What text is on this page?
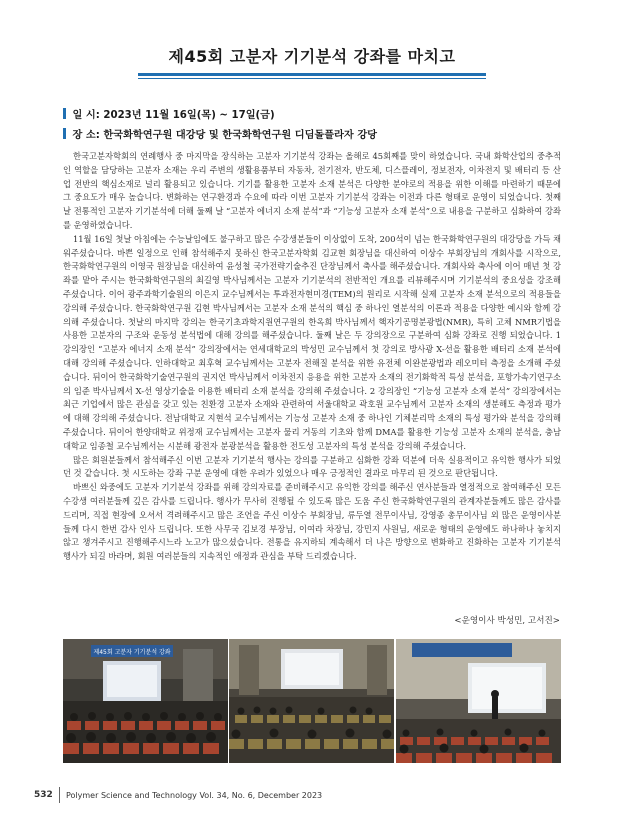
제45회 고분자 기기분석 강좌를 마치고
일 시: 2023년 11월 16일(목) ~ 17일(금)
장 소: 한국화학연구원 대강당 및 한국화학연구원 디딤돌플라자 강당

한국고분자학회의 연례행사 중 마지막을 장식하는 고분자 기기분석 강좌는 올해로 45회째를 맞이 하였습니다. 국내 화학산업의 중추적인 역할을 담당하는 고분자 소재는 우리 주변의 생활용품부터 자동차, 전기전자, 반도체, 디스플레이, 정보전자, 이차전지 및 배터리 등 산업 전반의 핵심소재로 널리 활용되고 있습니다. 기기를 활용한 고분자 소재 분석은 다양한 분야로의 적용을 위한 이해를 마련하기 때문에 그 중요도가 매우 높습니다. 변화하는 연구환경과 수요에 따라 이번 고분자 기기분석 강좌는 이전과 다른 형태로 운영이 되었습니다. 첫째날 전통적인 고분자 기기분석에 더해 둘째 날 “고분자 에너지 소재 분석”과 “기능성 고분자 소재 분석”으로 내용을 구분하고 심화하여 강좌를 운영하였습니다.

11월 16일 첫날 아침에는 수능날임에도 불구하고 많은 수강생분들이 이상없이 도착, 200석이 넘는 한국화학연구원의 대강당을 가득 채워주셨습니다. 바쁜 일정으로 인해 참석해주지 못하신 한국고분자학회 김교현 회장님을 대신하여 이상수 부회장님의 개회사를 시작으로, 한국화학연구원의 이영국 원장님을 대신하여 윤성철 국가전략기술추진 단장님께서 축사를 해주셨습니다. 개회사와 축사에 이어 매년 첫 강좌를 맡아 주시는 한국화학연구원의 최길영 박사님께서는 고분자 기기분석의 전반적인 개요를 리뷰해주시며 기기분석의 중요성을 강조해 주셨습니다. 이어 광주과학기술원의 이은지 교수님께서는 투과전자현미경(TEM)의 원리로 시작해 실제 고분자 소재 분석으로의 적용들을 강의해 주셨습니다. 한국화학연구원 김현 박사님께서는 고분자 소재 분석의 핵심 중 하나인 열분석의 이론과 적용을 다양한 예시와 함께 강의해 주셨습니다. 첫날의 마지막 강의는 한국기초과학지원연구원의 한옥희 박사님께서 핵자기공명분광법(NMR), 특히 고체 NMR기법을 사용한 고분자의 구조와 운동성 분석법에 대해 강의를 해주셨습니다. 둘째 날은 두 강의장으로 구분하여 심화 강좌로 진행 되었습니다. 1 강의장인 “고분자 에너지 소재 분석” 강의장에서는 연세대학교의 박성민 교수님께서 첫 강의로 방사광 X-선을 활용한 배터리 소재 분석에 대해 강의해 주셨습니다. 인하대학교 최후혁 교수님께서는 고분자 전해질 분석을 위한 유전체 이완분광법과 레오미터 측정을 소개해 주셨습니다. 뒤이어 한국화학기술연구원의 권지언 박사님께서 이차전지 응용을 위한 고분자 소재의 전기화학적 특성 분석을, 포항가속기연구소의 임준 박사님께서 X-선 영상기술을 이용한 배터리 소재 분석을 강의해 주셨습니다. 2 강의장인 “기능성 고분자 소재 분석” 강의장에서는 최근 기업에서 많은 관심을 갖고 있는 친환경 고분자 소재와 관련하여 서울대학교 곽호원 교수님께서 고분자 소재의 생분해도 측정과 평가에 대해 강의해 주셨습니다. 전남대학교 지현석 교수님께서는 기능성 고분자 소재 중 하나인 기체분리막 소재의 특성 평가와 분석을 강의해 주셨습니다. 뒤이어 한양대학교 위정재 교수님께서는 고분자 물리 거동의 기초와 함께 DMA를 활용한 기능성 고분자 소재의 분석을, 충남대학교 임종철 교수님께서는 시분해 광전자 분광분석을 활용한 전도성 고분자의 특성 분석을 강의해 주셨습니다.

많은 회원분들께서 참석해주신 이번 고분자 기기분석 행사는 강의를 구분하고 심화한 강좌 덕분에 더욱 실용적이고 유익한 행사가 되었던 것 같습니다. 첫 시도하는 강좌 구분 운영에 대한 우려가 있었으나 매우 긍정적인 결과로 마무리 된 것으로 판단됩니다.

바쁘신 와중에도 고분자 기기분석 강좌를 위해 강의자료를 준비해주시고 유익한 강의를 해주신 연사분들과 열정적으로 참여해주신 모든 수강생 여러분들께 깊은 감사를 드립니다. 행사가 무사히 진행될 수 있도록 많은 도움 주신 한국화학연구원의 관계자분들께도 많은 감사를 드리며, 직접 현장에 오셔서 격려해주시고 많은 조언을 주신 이상수 부회장님, 류두열 전무이사님, 강영종 총무이사님 외 많은 운영이사분들께 다시 한번 감사 인사 드립니다. 또한 사무국 김보경 부장님, 이여라 차장님, 강민지 사원님, 새로운 형태의 운영에도 하나하나 놓치지 않고 챙겨주시고 진행해주시느라 노고가 많으셨습니다. 전통을 유지하되 계속해서 더 나은 방향으로 변화하고 진화하는 고분자 기기분석 행사가 되길 바라며, 회원 여러분들의 지속적인 애정과 관심을 부탁 드리겠습니다.

<운영이사 박성민, 고서진>
제45회 고분자 기기분석 강좌
532 Polymer Science and Technology Vol. 34, No. 6, December 2023
